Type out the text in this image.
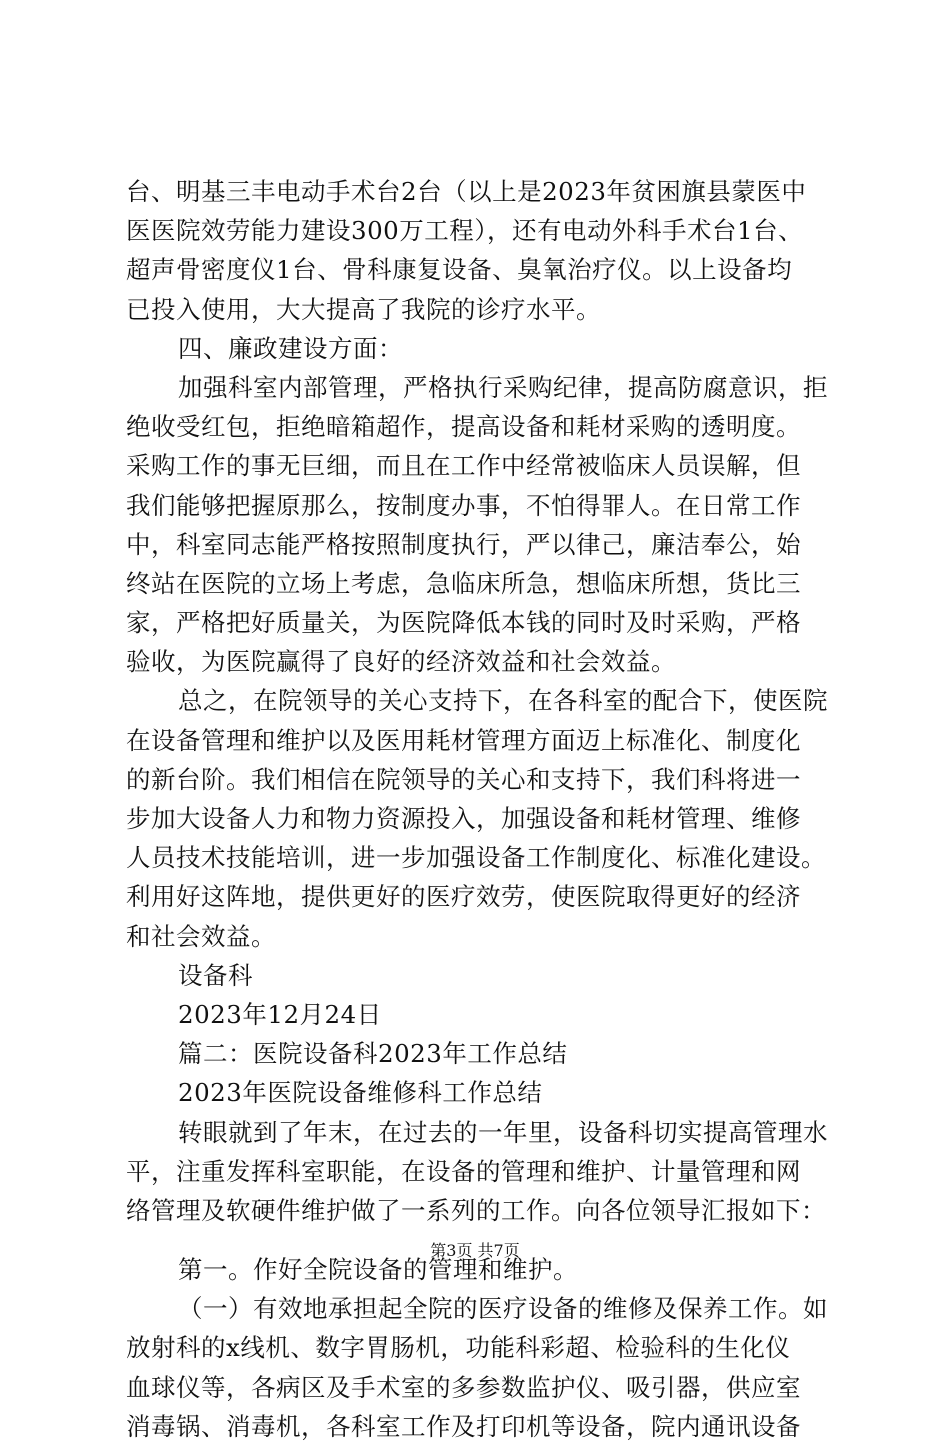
台、明基三丰电动手术台2台（以上是2023年贫困旗县蒙医中
医医院效劳能力建设300万工程），还有电动外科手术台1台、
超声骨密度仪1台、骨科康复设备、臭氧治疗仪。以上设备均
已投入使用，大大提高了我院的诊疗水平。
四、廉政建设方面：
加强科室内部管理，严格执行采购纪律，提高防腐意识，拒
绝收受红包，拒绝暗箱超作，提高设备和耗材采购的透明度。
采购工作的事无巨细，而且在工作中经常被临床人员误解，但
我们能够把握原那么，按制度办事，不怕得罪人。在日常工作
中，科室同志能严格按照制度执行，严以律己，廉洁奉公，始
终站在医院的立场上考虑，急临床所急，想临床所想，货比三
家，严格把好质量关，为医院降低本钱的同时及时采购，严格
验收，为医院赢得了良好的经济效益和社会效益。
总之，在院领导的关心支持下，在各科室的配合下，使医院
在设备管理和维护以及医用耗材管理方面迈上标准化、制度化
的新台阶。我们相信在院领导的关心和支持下，我们科将进一
步加大设备人力和物力资源投入，加强设备和耗材管理、维修
人员技术技能培训，进一步加强设备工作制度化、标准化建设。
利用好这阵地，提供更好的医疗效劳，使医院取得更好的经济
和社会效益。
设备科
2023年12月24日
篇二：医院设备科2023年工作总结
2023年医院设备维修科工作总结
转眼就到了年末，在过去的一年里，设备科切实提高管理水
平，注重发挥科室职能，在设备的管理和维护、计量管理和网
络管理及软硬件维护做了一系列的工作。向各位领导汇报如下：
第一。作好全院设备的管理和维护。
（一）有效地承担起全院的医疗设备的维修及保养工作。如
放射科的x线机、数字胃肠机，功能科彩超、检验科的生化仪
血球仪等，各病区及手术室的多参数监护仪、吸引器，供应室
消毒锅、消毒机，各科室工作及打印机等设备，院内通讯设备
第3页 共7页
